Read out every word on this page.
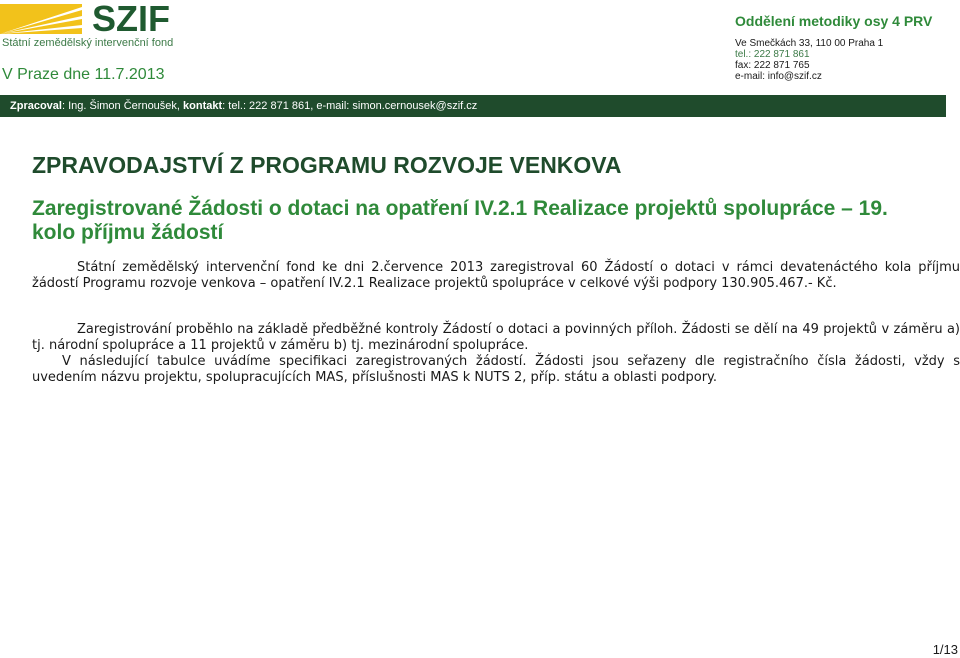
SZIF
Státní zemědělský intervenční fond
V Praze dne 11.7.2013
Oddělení metodiky osy 4 PRV
Ve Smečkách 33, 110 00 Praha 1
tel.: 222 871 861
fax: 222 871 765
e-mail: info@szif.cz
Zpracoval: Ing. Šimon Černoušek, kontakt: tel.: 222 871 861, e-mail: simon.cernousek@szif.cz
ZPRAVODAJSTVÍ Z PROGRAMU ROZVOJE VENKOVA
Zaregistrované Žádosti o dotaci na opatření IV.2.1 Realizace projektů spolupráce – 19. kolo příjmu žádostí
Státní zemědělský intervenční fond ke dni 2.července 2013 zaregistroval 60 Žádostí o dotaci v rámci devatenáctého kola příjmu žádostí Programu rozvoje venkova – opatření IV.2.1 Realizace projektů spolupráce v celkové výši podpory 130.905.467.- Kč.
Zaregistrování proběhlo na základě předběžné kontroly Žádostí o dotaci a povinných příloh. Žádosti se dělí na 49 projektů v záměru a) tj. národní spolupráce a 11 projektů v záměru b) tj. mezinárodní spolupráce.
V následující tabulce uvádíme specifikaci zaregistrovaných žádostí. Žádosti jsou seřazeny dle registračního čísla žádosti, vždy s uvedením názvu projektu, spolupracujících MAS, příslušnosti MAS k NUTS 2, příp. státu a oblasti podpory.
1/13
